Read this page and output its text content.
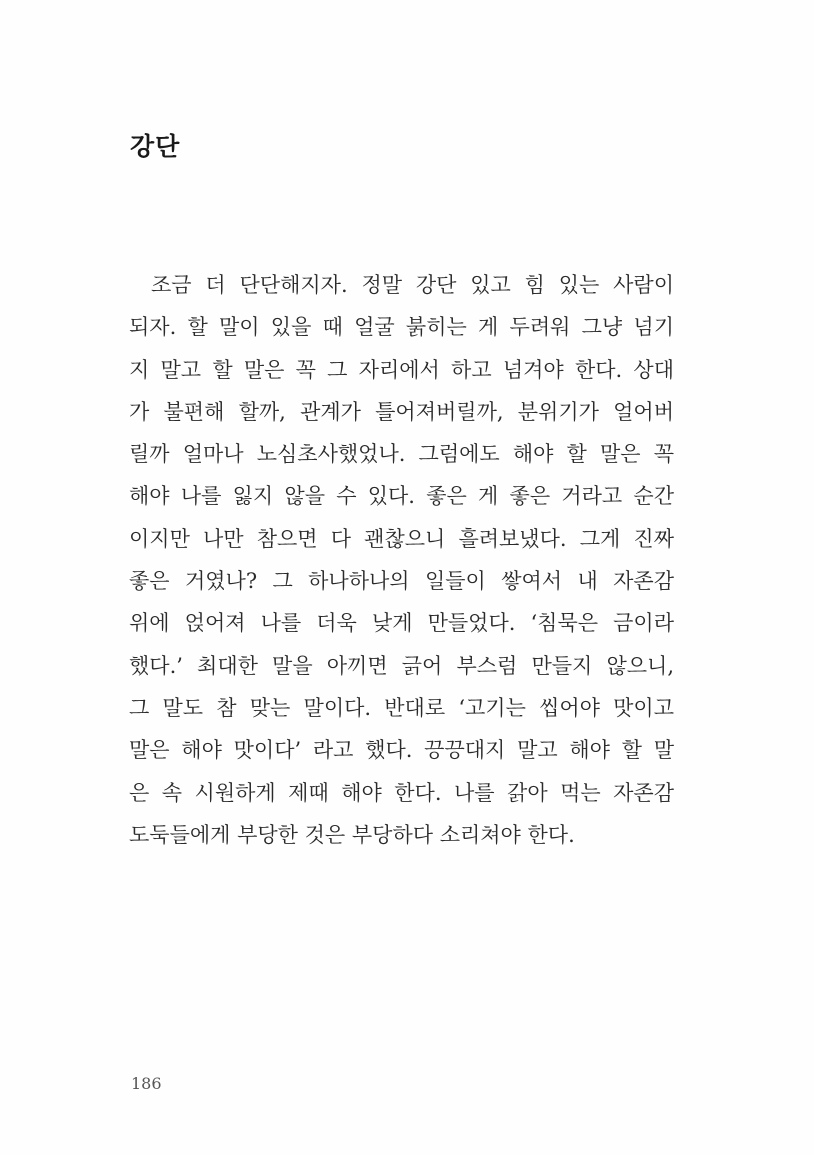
강단
조금 더 단단해지자. 정말 강단 있고 힘 있는 사람이
되자. 할 말이 있을 때 얼굴 붉히는 게 두려워 그냥 넘기
지 말고 할 말은 꼭 그 자리에서 하고 넘겨야 한다. 상대
가 불편해 할까, 관계가 틀어져버릴까, 분위기가 얼어버
릴까 얼마나 노심초사했었나. 그럼에도 해야 할 말은 꼭
해야 나를 잃지 않을 수 있다. 좋은 게 좋은 거라고 순간
이지만 나만 참으면 다 괜찮으니 흘려보냈다. 그게 진짜
좋은 거였나? 그 하나하나의 일들이 쌓여서 내 자존감
위에 얹어져 나를 더욱 낮게 만들었다. ‘침묵은 금이라
했다.’ 최대한 말을 아끼면 긁어 부스럼 만들지 않으니,
그 말도 참 맞는 말이다. 반대로 ‘고기는 씹어야 맛이고
말은 해야 맛이다’ 라고 했다. 끙끙대지 말고 해야 할 말
은 속 시원하게 제때 해야 한다. 나를 갉아 먹는 자존감
도둑들에게 부당한 것은 부당하다 소리쳐야 한다.
186
